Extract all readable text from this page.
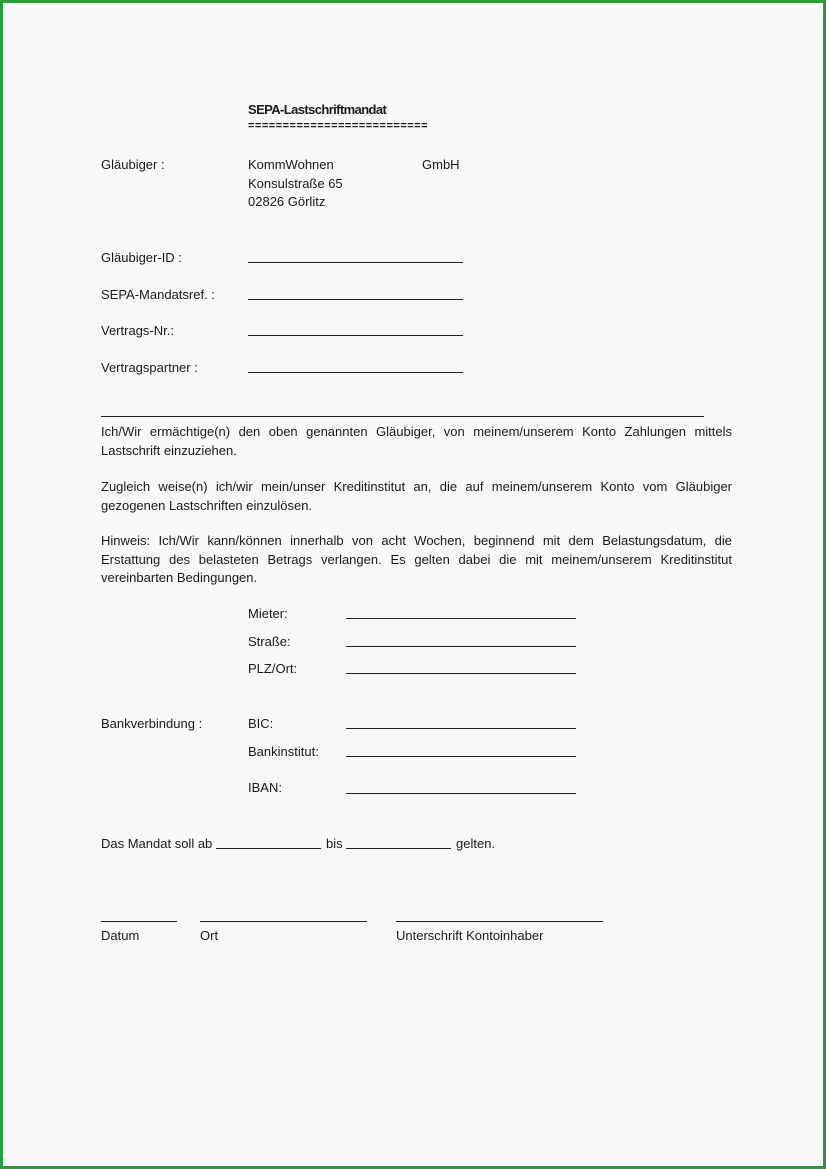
SEPA-Lastschriftmandat
==========================
Gläubiger :	KommWohnen	GmbH
Konsulstraße 65
02826 Görlitz
Gläubiger-ID :
SEPA-Mandatsref. :
Vertrags-Nr.:
Vertragspartner :
Ich/Wir ermächtige(n) den oben genannten Gläubiger, von meinem/unserem Konto Zahlungen mittels Lastschrift einzuziehen.
Zugleich weise(n) ich/wir mein/unser Kreditinstitut an, die auf meinem/unserem Konto vom Gläubiger gezogenen Lastschriften einzulösen.
Hinweis: Ich/Wir kann/können innerhalb von acht Wochen, beginnend mit dem Belastungsdatum, die Erstattung des belasteten Betrags verlangen. Es gelten dabei die mit meinem/unserem Kreditinstitut vereinbarten Bedingungen.
Mieter:
Straße:
PLZ/Ort:
Bankverbindung :	BIC:
Bankinstitut:
IBAN:
Das Mandat soll ab	bis	gelten.
Datum	Ort	Unterschrift Kontoinhaber
